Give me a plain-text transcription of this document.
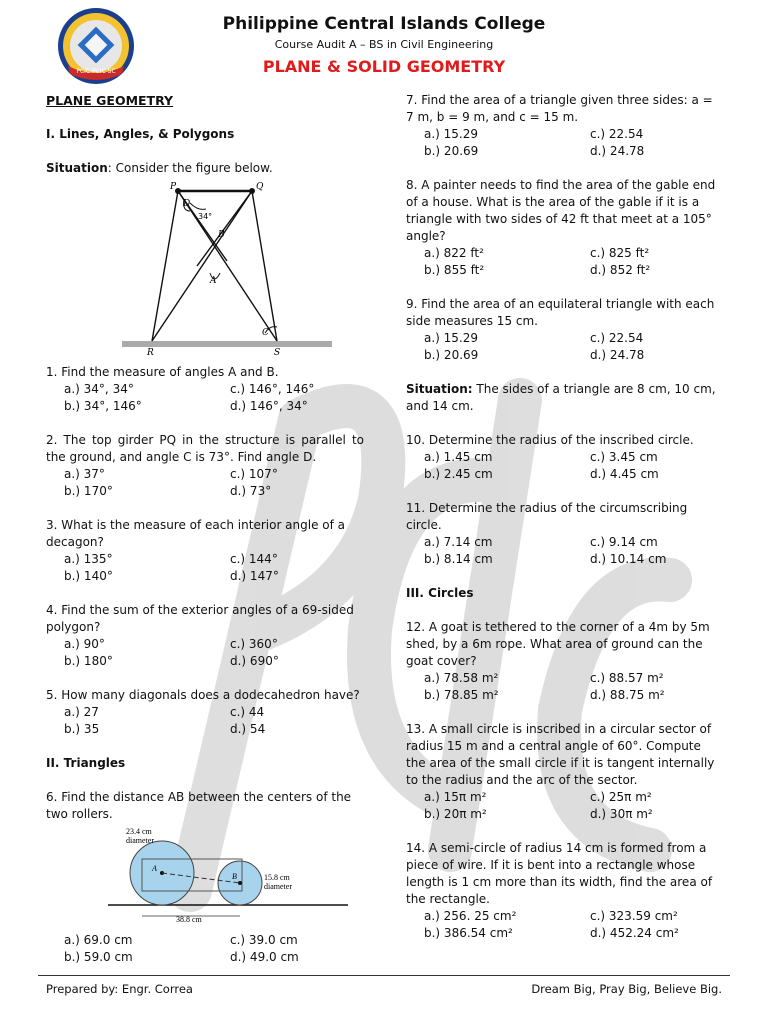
PCIC·PCIC SC
Philippine Central Islands College
Course Audit A – BS in Civil Engineering
PLANE & SOLID GEOMETRY

PLANE GEOMETRY

I. Lines, Angles, & Polygons

Situation: Consider the figure below.

P	Q
D
34°
B
A
C
R	S

1. Find the measure of angles A and B.

a.) 34°, 34°	c.) 146°, 146°
b.) 34°, 146°	d.) 146°, 34°

2. The top girder PQ in the structure is parallel to the ground, and angle C is 73°. Find angle D.

a.) 37°	c.) 107°
b.) 170°	d.) 73°

3. What is the measure of each interior angle of a decagon?

a.) 135°	c.) 144°
b.) 140°	d.) 147°

4. Find the sum of the exterior angles of a 69-sided polygon?

a.) 90°	c.) 360°
b.) 180°	d.) 690°

5. How many diagonals does a dodecahedron have?

a.) 27	c.) 44
b.) 35	d.) 54

II. Triangles

6. Find the distance AB between the centers of the two rollers.

23.4 cm
diameter
A
B	15.8 cm
diameter
38.8 cm
a.) 69.0 cm	c.) 39.0 cm
b.) 59.0 cm	d.) 49.0 cm

7. Find the area of a triangle given three sides: a = 7 m, b = 9 m, and c = 15 m.

a.) 15.29	c.) 22.54
b.) 20.69	d.) 24.78

8. A painter needs to find the area of the gable end of a house. What is the area of the gable if it is a triangle with two sides of 42 ft that meet at a 105° angle?

a.) 822 ft²	c.) 825 ft²
b.) 855 ft²	d.) 852 ft²

9. Find the area of an equilateral triangle with each side measures 15 cm.

a.) 15.29	c.) 22.54
b.) 20.69	d.) 24.78

Situation: The sides of a triangle are 8 cm, 10 cm, and 14 cm.

10. Determine the radius of the inscribed circle.

a.) 1.45 cm	c.) 3.45 cm
b.) 2.45 cm	d.) 4.45 cm

11. Determine the radius of the circumscribing circle.

a.) 7.14 cm	c.) 9.14 cm
b.) 8.14 cm	d.) 10.14 cm

III. Circles

12. A goat is tethered to the corner of a 4m by 5m shed, by a 6m rope. What area of ground can the goat cover?

a.) 78.58 m²	c.) 88.57 m²
b.) 78.85 m²	d.) 88.75 m²

13. A small circle is inscribed in a circular sector of radius 15 m and a central angle of 60°. Compute the area of the small circle if it is tangent internally to the radius and the arc of the sector.

a.) 15π m²	c.) 25π m²
b.) 20π m²	d.) 30π m²

14. A semi-circle of radius 14 cm is formed from a piece of wire. If it is bent into a rectangle whose length is 1 cm more than its width, find the area of the rectangle.

a.) 256. 25 cm²	c.) 323.59 cm²
b.) 386.54 cm²	d.) 452.24 cm²
Prepared by: Engr. Correa	Dream Big, Pray Big, Believe Big.
